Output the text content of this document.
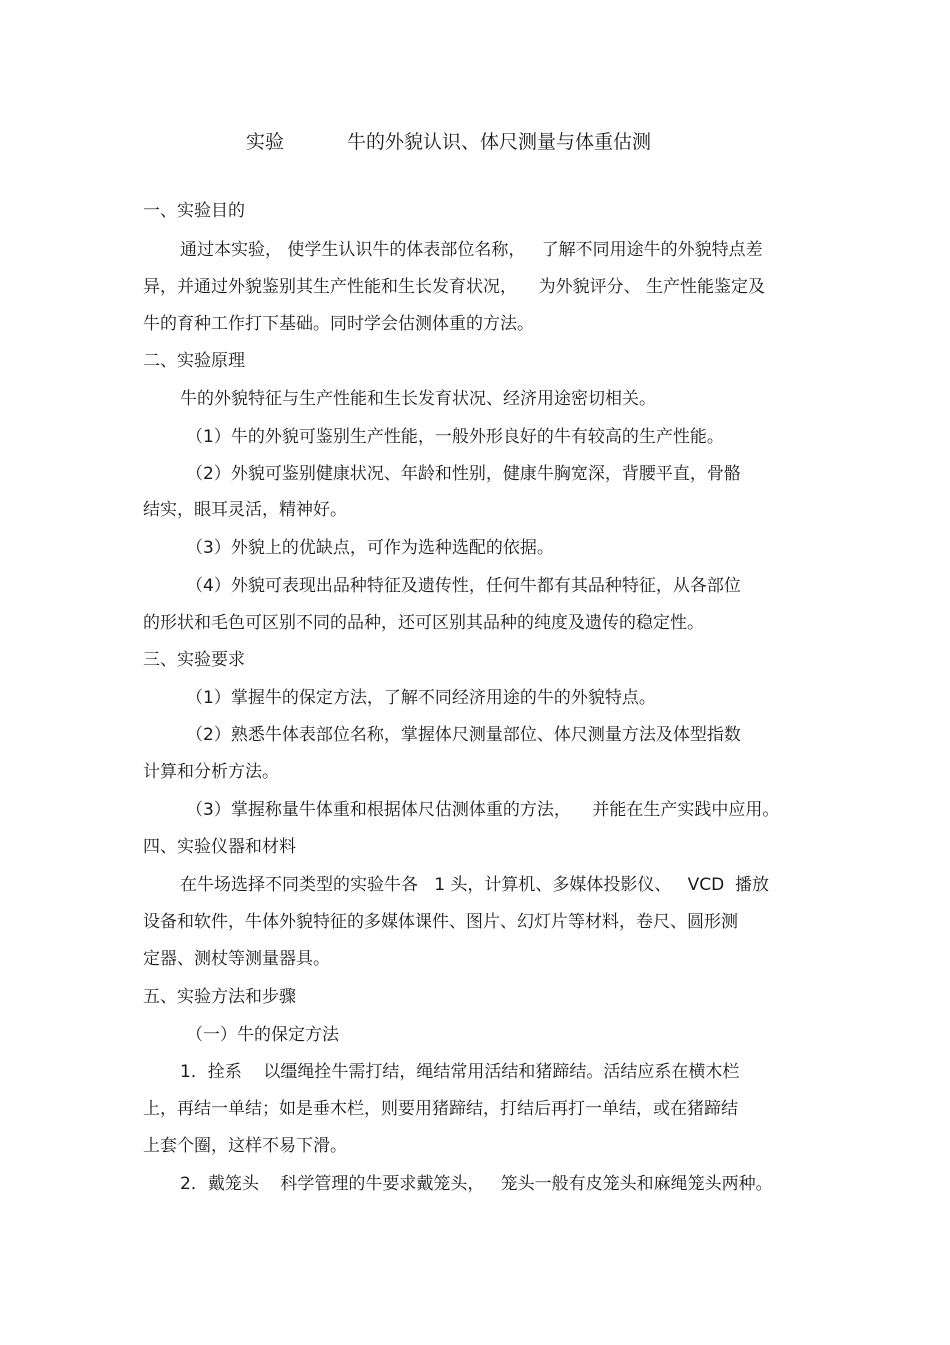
实验	牛的外貌认识、体尺测量与体重估测
一、实验目的
通过本实验， 使学生认识牛的体表部位名称，   了解不同用途牛的外貌特点差
异，并通过外貌鉴别其生产性能和生长发育状况，    为外貌评分、 生产性能鉴定及
牛的育种工作打下基础。同时学会估测体重的方法。
二、实验原理
牛的外貌特征与生产性能和生长发育状况、经济用途密切相关。
（1）牛的外貌可鉴别生产性能，一般外形良好的牛有较高的生产性能。
（2）外貌可鉴别健康状况、年龄和性别，健康牛胸宽深，背腰平直，骨骼
结实，眼耳灵活，精神好。
（3）外貌上的优缺点，可作为选种选配的依据。
（4）外貌可表现出品种特征及遗传性，任何牛都有其品种特征，从各部位
的形状和毛色可区别不同的品种，还可区别其品种的纯度及遗传的稳定性。
三、实验要求
（1）掌握牛的保定方法，了解不同经济用途的牛的外貌特点。
（2）熟悉牛体表部位名称，掌握体尺测量部位、体尺测量方法及体型指数
计算和分析方法。
（3）掌握称量牛体重和根据体尺估测体重的方法，    并能在生产实践中应用。
四、实验仪器和材料
在牛场选择不同类型的实验牛各   1 头，计算机、多媒体投影仪、   VCD  播放
设备和软件，牛体外貌特征的多媒体课件、图片、幻灯片等材料，卷尺、圆形测
定器、测杖等测量器具。
五、实验方法和步骤
（一）牛的保定方法
1．拴系    以缰绳拴牛需打结，绳结常用活结和猪蹄结。活结应系在横木栏
上，再结一单结；如是垂木栏，则要用猪蹄结，打结后再打一单结，或在猪蹄结
上套个圈，这样不易下滑。
2．戴笼头    科学管理的牛要求戴笼头，   笼头一般有皮笼头和麻绳笼头两种。
